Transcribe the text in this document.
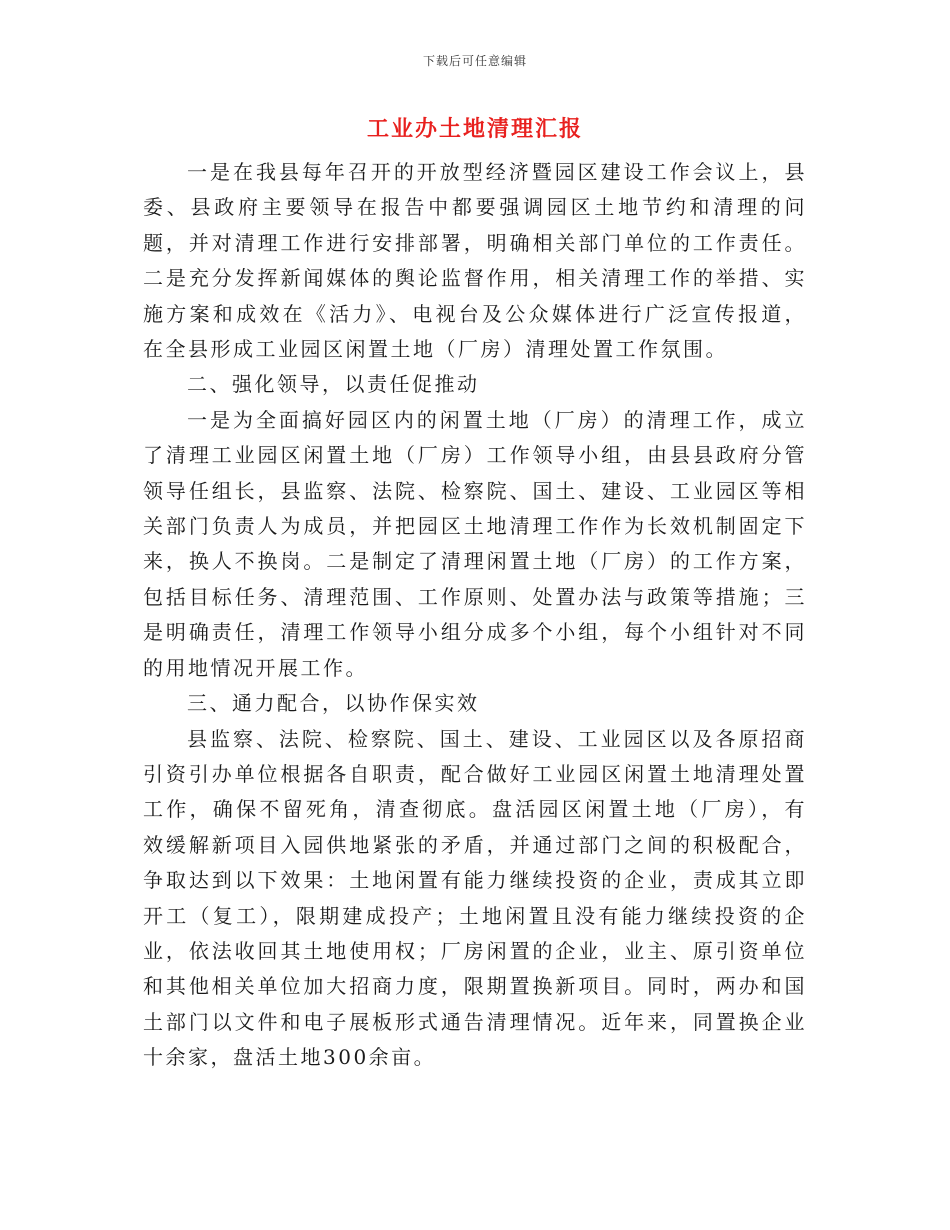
下载后可任意编辑
工业办土地清理汇报

一是在我县每年召开的开放型经济暨园区建设工作会议上，县委、县政府主要领导在报告中都要强调园区土地节约和清理的问题，并对清理工作进行安排部署，明确相关部门单位的工作责任。二是充分发挥新闻媒体的舆论监督作用，相关清理工作的举措、实施方案和成效在《活力》、电视台及公众媒体进行广泛宣传报道，在全县形成工业园区闲置土地（厂房）清理处置工作氛围。

二、强化领导，以责任促推动

一是为全面搞好园区内的闲置土地（厂房）的清理工作，成立了清理工业园区闲置土地（厂房）工作领导小组，由县县政府分管领导任组长，县监察、法院、检察院、国土、建设、工业园区等相关部门负责人为成员，并把园区土地清理工作作为长效机制固定下来，换人不换岗。二是制定了清理闲置土地（厂房）的工作方案，包括目标任务、清理范围、工作原则、处置办法与政策等措施；三是明确责任，清理工作领导小组分成多个小组，每个小组针对不同的用地情况开展工作。

三、通力配合，以协作保实效

县监察、法院、检察院、国土、建设、工业园区以及各原招商引资引办单位根据各自职责，配合做好工业园区闲置土地清理处置工作，确保不留死角，清查彻底。盘活园区闲置土地（厂房），有效缓解新项目入园供地紧张的矛盾，并通过部门之间的积极配合，争取达到以下效果：土地闲置有能力继续投资的企业，责成其立即开工（复工），限期建成投产；土地闲置且没有能力继续投资的企业，依法收回其土地使用权；厂房闲置的企业，业主、原引资单位和其他相关单位加大招商力度，限期置换新项目。同时，两办和国土部门以文件和电子展板形式通告清理情况。近年来，同置换企业十余家，盘活土地300余亩。
